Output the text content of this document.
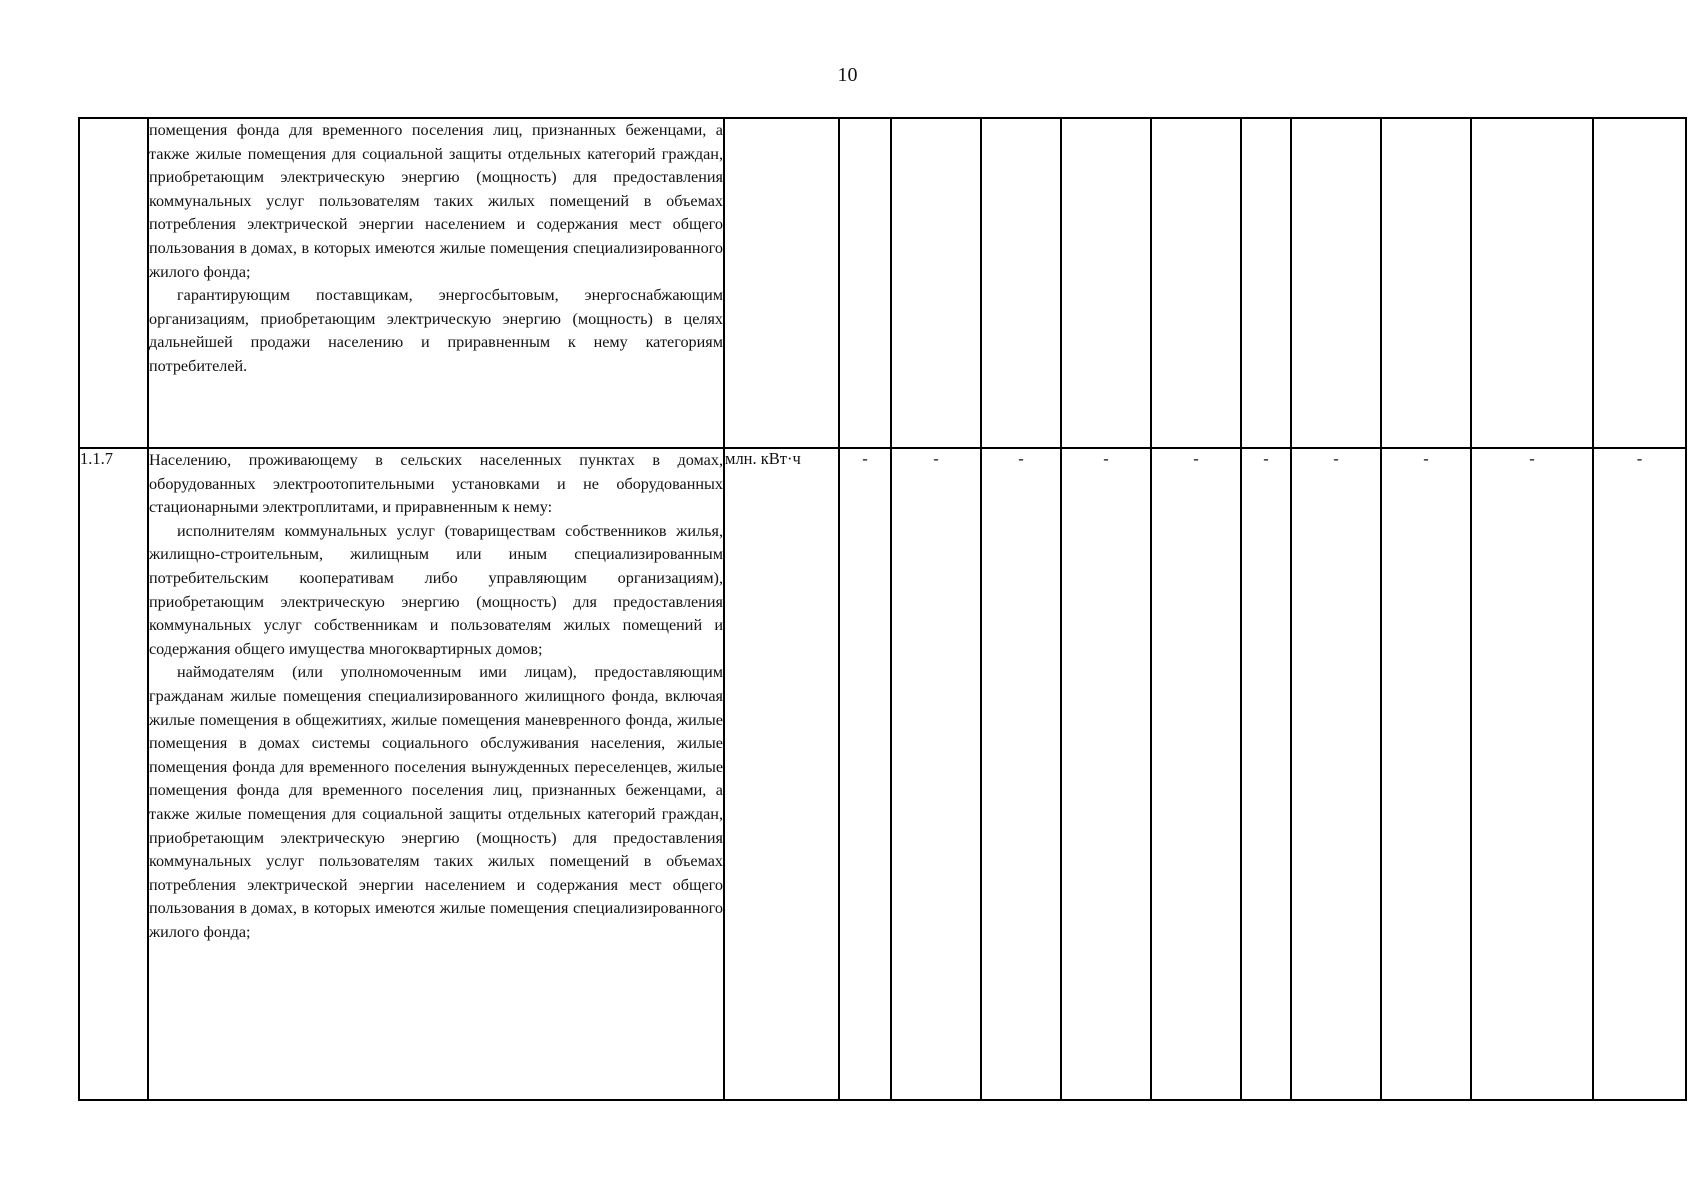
10

	помещения фонда для временного поселения лиц, признанных беженцами, а также жилые помещения для социальной защиты отдельных категорий граждан, приобретающим электрическую энергию (мощность) для предоставления коммунальных услуг пользователям таких жилых помещений в объемах потребления электрической энергии населением и содержания мест общего пользования в домах, в которых имеются жилые помещения специализированного жилого фонда;

гарантирующим поставщикам, энергосбытовым, энергоснабжающим организациям, приобретающим электрическую энергию (мощность) в целях дальнейшей продажи населению и приравненным к нему категориям потребителей.											

1.1.7	Населению, проживающему в сельских населенных пунктах в домах, оборудованных электроотопительными установками и не оборудованных стационарными электроплитами, и приравненным к нему:

исполнителям коммунальных услуг (товариществам собственников жилья, жилищно-строительным, жилищным или иным специализированным потребительским кооперативам либо управляющим организациям), приобретающим электрическую энергию (мощность) для предоставления коммунальных услуг собственникам и пользователям жилых помещений и содержания общего имущества многоквартирных домов;

наймодателям (или уполномоченным ими лицам), предоставляющим гражданам жилые помещения специализированного жилищного фонда, включая жилые помещения в общежитиях, жилые помещения маневренного фонда, жилые помещения в домах системы социального обслуживания населения, жилые помещения фонда для временного поселения вынужденных переселенцев, жилые помещения фонда для временного поселения лиц, признанных беженцами, а также жилые помещения для социальной защиты отдельных категорий граждан, приобретающим электрическую энергию (мощность) для предоставления коммунальных услуг пользователям таких жилых помещений в объемах потребления электрической энергии населением и содержания мест общего пользования в домах, в которых имеются жилые помещения специализированного жилого фонда;	млн. кВт·ч	-	-	-	-	-	-	-	-	-	-
